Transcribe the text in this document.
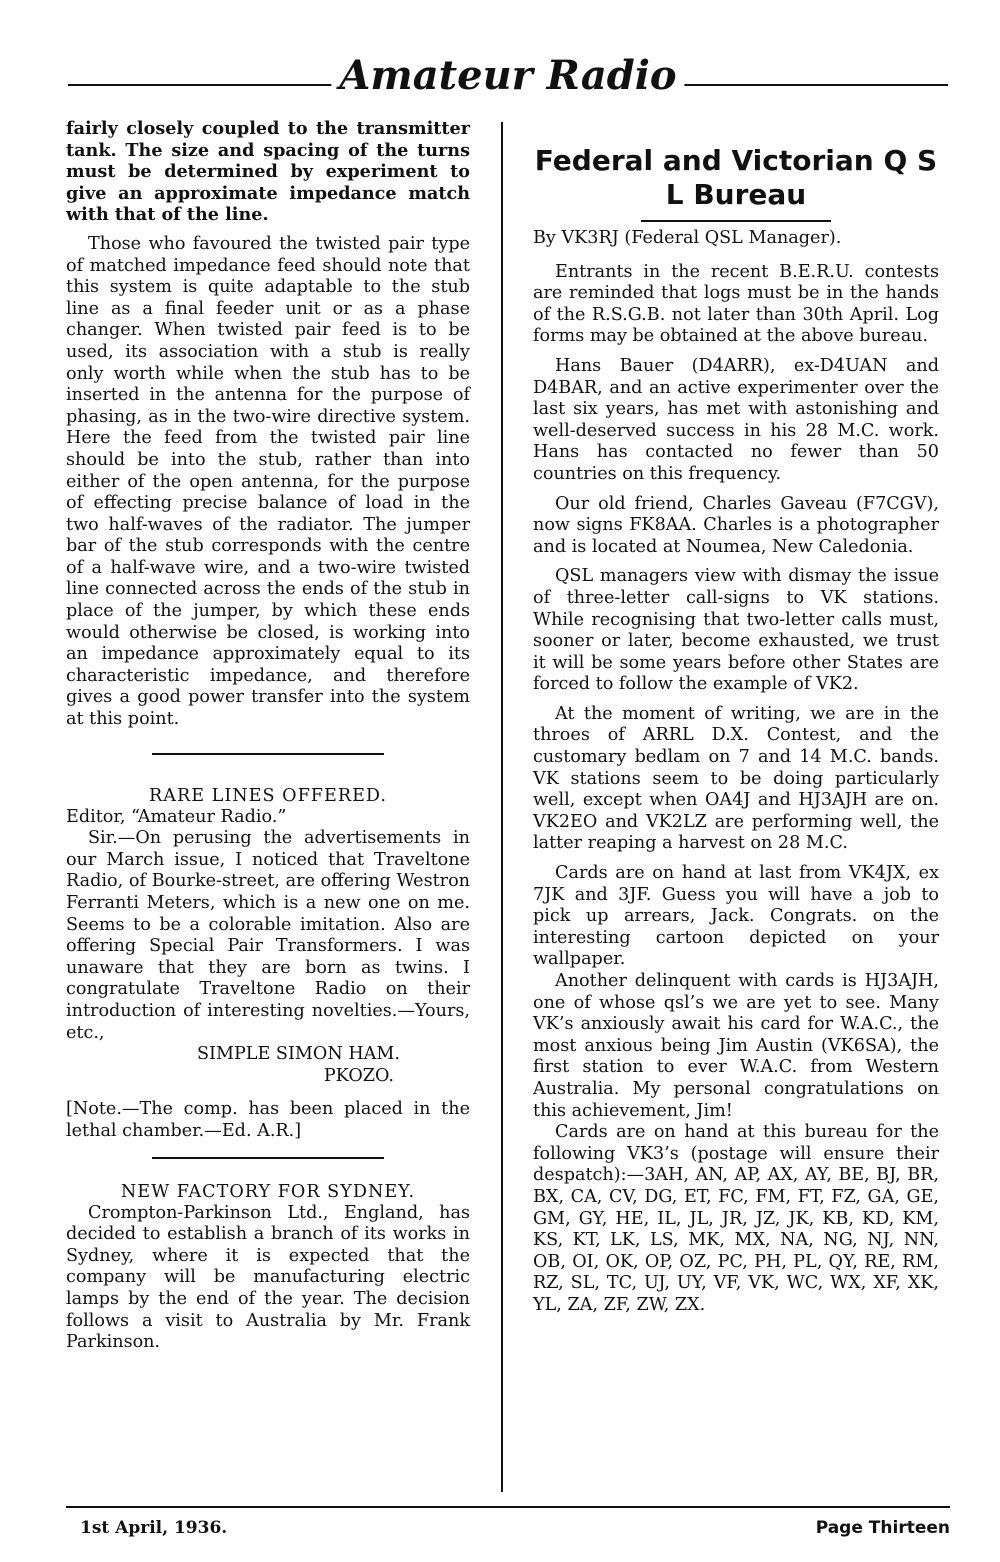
Amateur Radio

fairly closely coupled to the transmitter tank. The size and spacing of the turns must be determined by experiment to give an approximate impedance match with that of the line.

Those who favoured the twisted pair type of matched impedance feed should note that this system is quite adaptable to the stub line as a final feeder unit or as a phase changer. When twisted pair feed is to be used, its association with a stub is really only worth while when the stub has to be inserted in the antenna for the purpose of phasing, as in the two-wire directive system. Here the feed from the twisted pair line should be into the stub, rather than into either of the open antenna, for the purpose of effecting precise balance of load in the two half-waves of the radiator. The jumper bar of the stub corresponds with the centre of a half-wave wire, and a two-wire twisted line connected across the ends of the stub in place of the jumper, by which these ends would otherwise be closed, is working into an impedance approximately equal to its characteristic impedance, and therefore gives a good power transfer into the system at this point.

RARE LINES OFFERED.

Editor, “Amateur Radio.”

Sir.—On perusing the advertisements in our March issue, I noticed that Traveltone Radio, of Bourke-street, are offering Westron Ferranti Meters, which is a new one on me. Seems to be a colorable imitation. Also are offering Special Pair Transformers. I was unaware that they are born as twins. I congratulate Traveltone Radio on their introduction of interesting novelties.—Yours, etc.,

SIMPLE SIMON HAM.
PKOZO.

[Note.—The comp. has been placed in the lethal chamber.—Ed. A.R.]

NEW FACTORY FOR SYDNEY.

Crompton-Parkinson Ltd., England, has decided to establish a branch of its works in Sydney, where it is expected that the company will be manufacturing electric lamps by the end of the year. The decision follows a visit to Australia by Mr. Frank Parkinson.

Federal and Victorian Q S L Bureau

By VK3RJ (Federal QSL Manager).

Entrants in the recent B.E.R.U. contests are reminded that logs must be in the hands of the R.S.G.B. not later than 30th April. Log forms may be obtained at the above bureau.

Hans Bauer (D4ARR), ex-D4UAN and D4BAR, and an active experimenter over the last six years, has met with astonishing and well-deserved success in his 28 M.C. work. Hans has contacted no fewer than 50 countries on this frequency.

Our old friend, Charles Gaveau (F7CGV), now signs FK8AA. Charles is a photographer and is located at Noumea, New Caledonia.

QSL managers view with dismay the issue of three-letter call-signs to VK stations. While recognising that two-letter calls must, sooner or later, become exhausted, we trust it will be some years before other States are forced to follow the example of VK2.

At the moment of writing, we are in the throes of ARRL D.X. Contest, and the customary bedlam on 7 and 14 M.C. bands. VK stations seem to be doing particularly well, except when OA4J and HJ3AJH are on. VK2EO and VK2LZ are performing well, the latter reaping a harvest on 28 M.C.

Cards are on hand at last from VK4JX, ex 7JK and 3JF. Guess you will have a job to pick up arrears, Jack. Congrats. on the interesting cartoon depicted on your wallpaper.

Another delinquent with cards is HJ3AJH, one of whose qsl’s we are yet to see. Many VK’s anxiously await his card for W.A.C., the most anxious being Jim Austin (VK6SA), the first station to ever W.A.C. from Western Australia. My personal congratulations on this achievement, Jim!

Cards are on hand at this bureau for the following VK3’s (postage will ensure their despatch):—3AH, AN, AP, AX, AY, BE, BJ, BR, BX, CA, CV, DG, ET, FC, FM, FT, FZ, GA, GE, GM, GY, HE, IL, JL, JR, JZ, JK, KB, KD, KM, KS, KT, LK, LS, MK, MX, NA, NG, NJ, NN, OB, OI, OK, OP, OZ, PC, PH, PL, QY, RE, RM, RZ, SL, TC, UJ, UY, VF, VK, WC, WX, XF, XK, YL, ZA, ZF, ZW, ZX.

1st April, 1936.	Page Thirteen
